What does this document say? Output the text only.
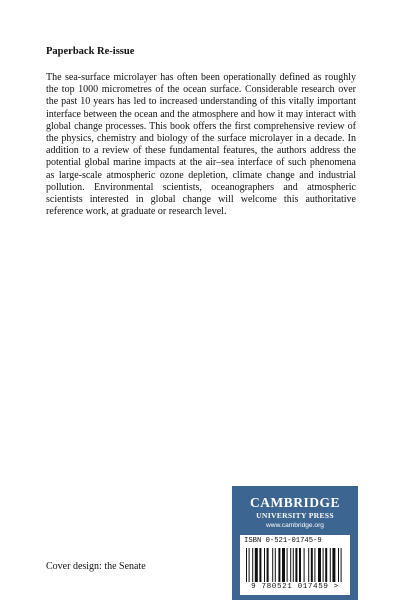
Paperback Re-issue

The sea-surface microlayer has often been operationally defined as roughly the top 1000 micrometres of the ocean surface. Considerable research over the past 10 years has led to increased understanding of this vitally important interface between the ocean and the atmosphere and how it may interact with global change processes. This book offers the first comprehensive review of the physics, chemistry and biology of the surface microlayer in a decade. In addition to a review of these fundamental features, the authors address the potential global marine impacts at the air–sea interface of such phenomena as large-scale atmospheric ozone depletion, climate change and industrial pollution. Environmental scientists, oceanographers and atmospheric scientists interested in global change will welcome this authoritative reference work, at graduate or research level.

Cover design: the Senate
CAMBRIDGE
UNIVERSITY PRESS
www.cambridge.org
ISBN 0-521-01745-9
9 780521 017459 >
